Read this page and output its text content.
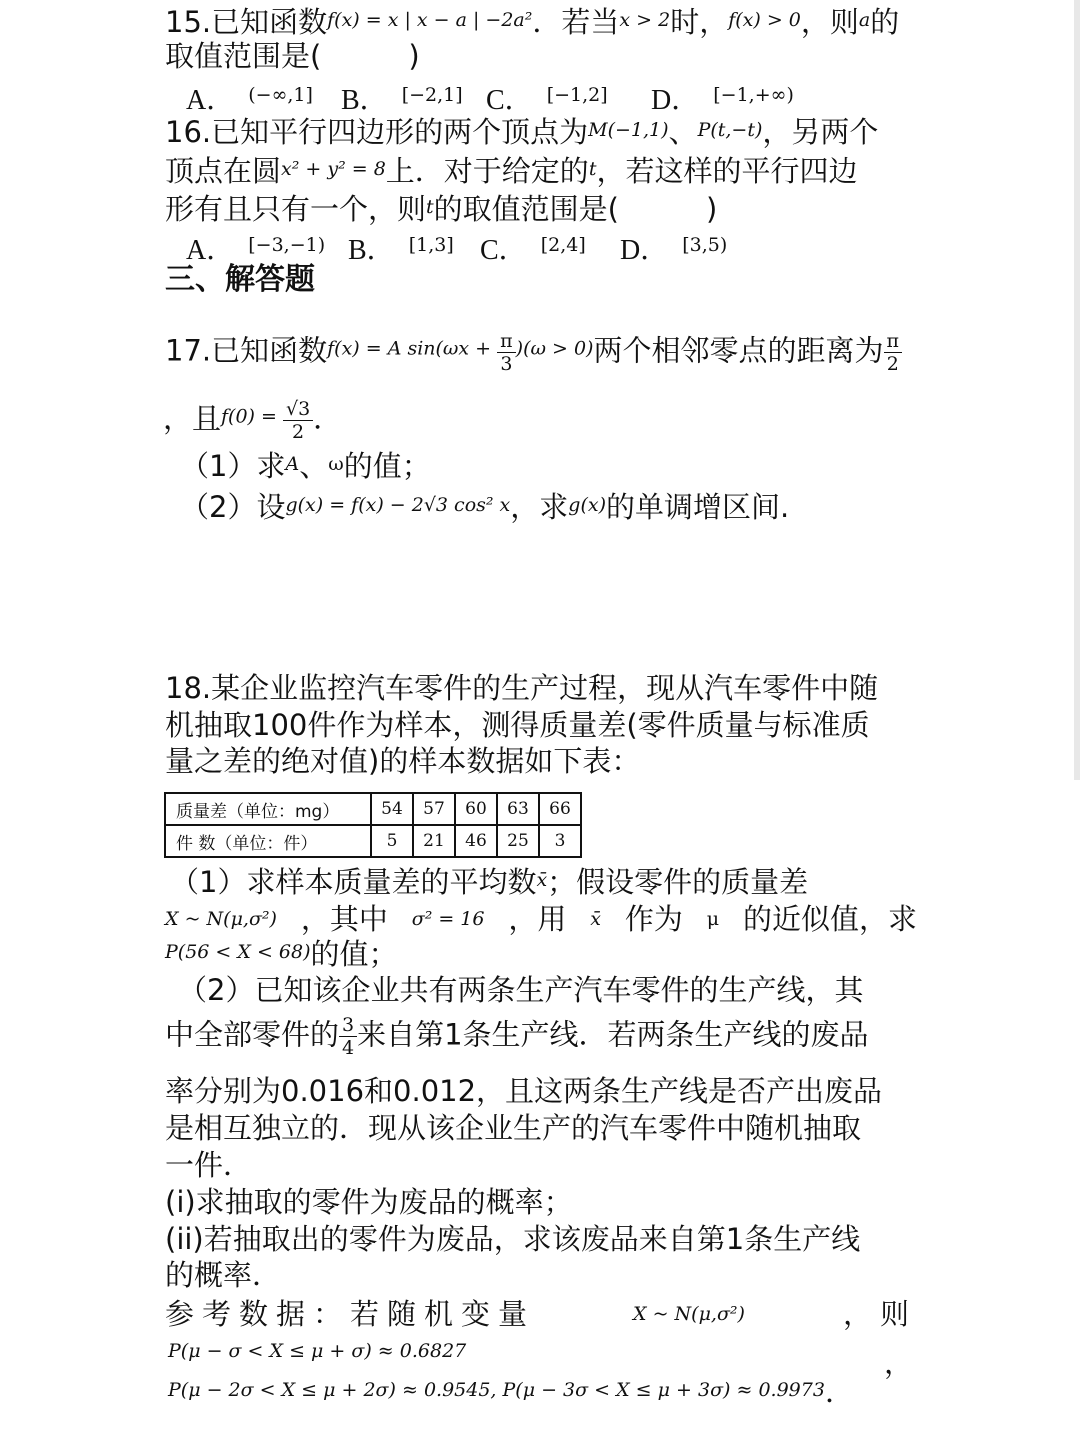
15.已知函数$^{f(x) = x | x - a | -2a^2}$．若当$^{x > 2}$时，$^{f(x) > 0}$，则$^a$的
取值范围是(　　　)
A． $^{(-\infty,1]}$ B． [−2,1] C． [−1,2] D． $^{[-1,+\infty)}$
16.已知平行四边形的两个顶点为$^{M(-1,1)}$、$^{P(t,-t)}$，另两个
顶点在圆$^{x^2 + y^2 = 8}$上．对于给定的$^t$，若这样的平行四边
形有且只有一个，则$^t$的取值范围是(　　　)
A． $^{[-3,-1)}$ B． [1,3] C． [2,4] D． $^{[3,5)}$
三、解答题
17.已知函数$^{f(x) = A sin(\omega x +} \frac{\pi}{3} ^{)(\omega > 0)}$两个相邻零点的距离为 $\frac{\pi}{2}$
，且$^{f(0) =} \frac{√3}{2}$ ．
（1）求$^A$、$^\omega$的值；
（2）设$^{g(x) = f(x) - 2√3 cos^2 x}$，求$^{g(x)}$的单调增区间.
18.某企业监控汽车零件的生产过程，现从汽车零件中随
机抽取100件作为样本，测得质量差(零件质量与标准质
量之差的绝对值)的样本数据如下表：
质量差（单位：mg）	54	57	60	63	66
件 数（单位：件）	5	21	46	25	3
（1）求样本质量差的平均数$^{x̄}$；假设零件的质量差
X ~ N(μ,σ²) ，其中 σ² = 16 ，用 x̄ 作为 μ 的近似值，求
$^{P(56 < X < 68)}$的值；
（2）已知该企业共有两条生产汽车零件的生产线，其
中全部零件的 $\frac{3}{4}$ 来自第1条生产线．若两条生产线的废品
率分别为0.016和0.012，且这两条生产线是否产出废品
是相互独立的．现从该企业生产的汽车零件中随机抽取
一件．
(i)求抽取的零件为废品的概率；
(ii)若抽取出的零件为废品，求该废品来自第1条生产线
的概率．
参考数据：若随机变量	X ~ N(μ,σ²)	，则
$^{P(\mu - \sigma < X \le \mu + \sigma) \approx 0.6827}$	，
$^{P(\mu - 2\sigma < X \le \mu + 2\sigma) \approx 0.9545, P(\mu - 3\sigma < X \le \mu + 3\sigma) \approx 0.9973}$．
